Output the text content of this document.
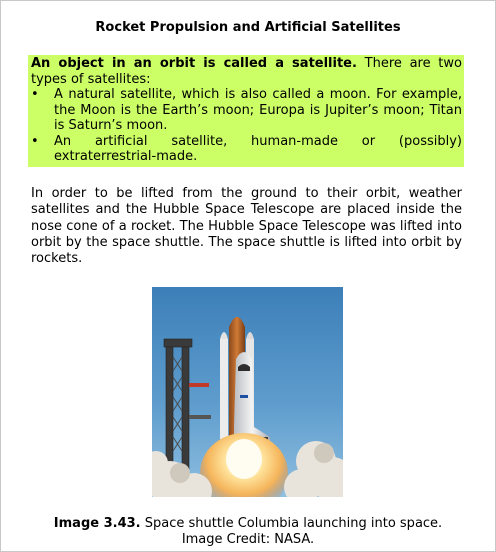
Rocket Propulsion and Artificial Satellites
An object in an orbit is called a satellite. There are two types of satellites:
• A natural satellite, which is also called a moon. For example, the Moon is the Earth’s moon; Europa is Jupiter’s moon; Titan is Saturn’s moon.
• An artificial satellite, human-made or (possibly) extraterrestrial-made.
In order to be lifted from the ground to their orbit, weather satellites and the Hubble Space Telescope are placed inside the nose cone of a rocket. The Hubble Space Telescope was lifted into orbit by the space shuttle. The space shuttle is lifted into orbit by rockets.
Image 3.43. Space shuttle Columbia launching into space.
Image Credit: NASA.
